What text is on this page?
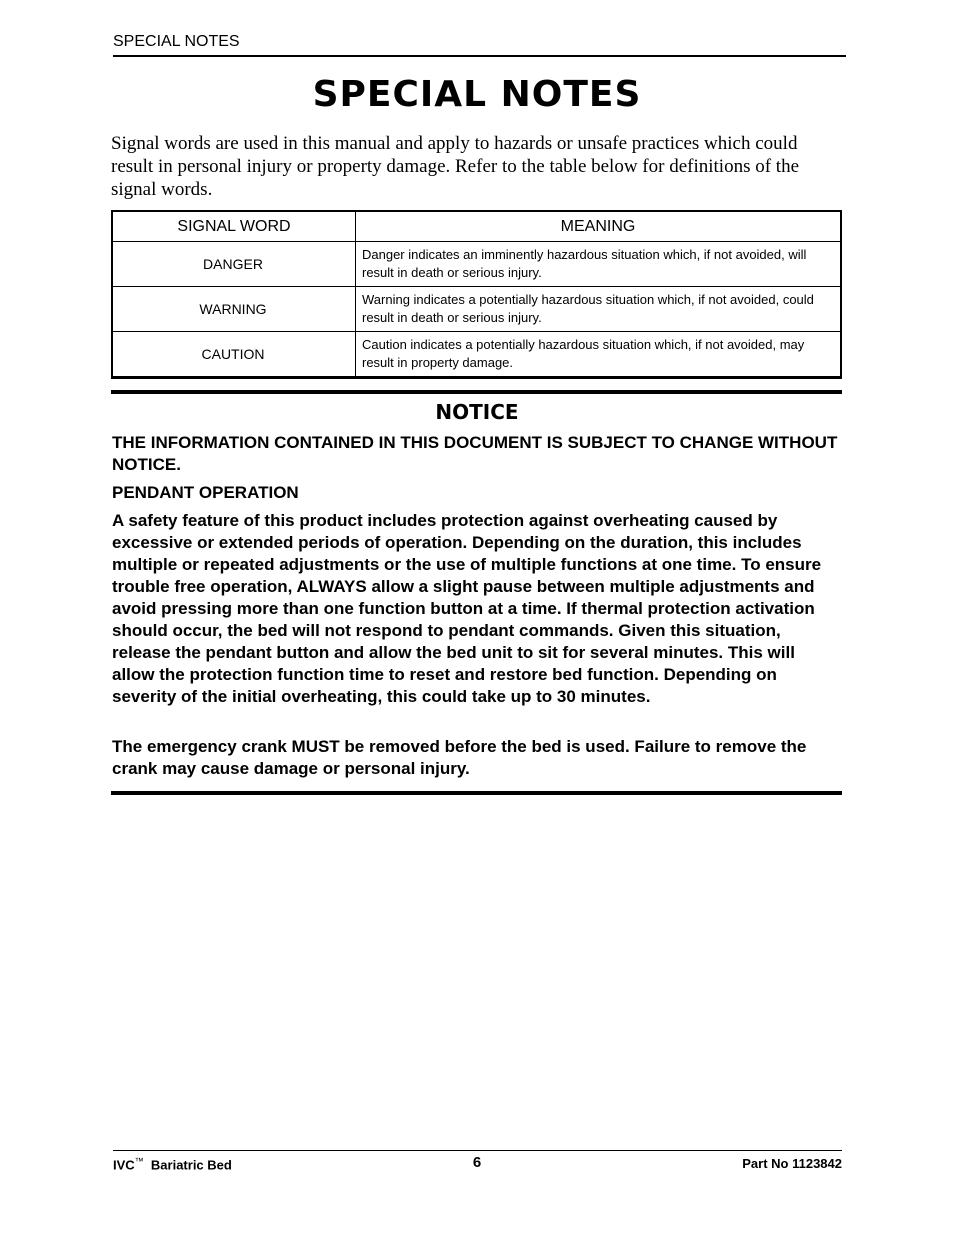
SPECIAL NOTES
SPECIAL NOTES
Signal words are used in this manual and apply to hazards or unsafe practices which could result in personal injury or property damage. Refer to the table below for definitions of the signal words.
SIGNAL WORD	MEANING
DANGER	Danger indicates an imminently hazardous situation which, if not avoided, will result in death or serious injury.
WARNING	Warning indicates a potentially hazardous situation which, if not avoided, could result in death or serious injury.
CAUTION	Caution indicates a potentially hazardous situation which, if not avoided, may result in property damage.
NOTICE
THE INFORMATION CONTAINED IN THIS DOCUMENT IS SUBJECT TO CHANGE WITHOUT NOTICE.
PENDANT OPERATION
A safety feature of this product includes protection against overheating caused by excessive or extended periods of operation. Depending on the duration, this includes multiple or repeated adjustments or the use of multiple functions at one time. To ensure trouble free operation, ALWAYS allow a slight pause between multiple adjustments and avoid pressing more than one function button at a time. If thermal protection activation should occur, the bed will not respond to pendant commands. Given this situation, release the pendant button and allow the bed unit to sit for several minutes. This will allow the protection function time to reset and restore bed function. Depending on severity of the initial overheating, this could take up to 30 minutes.
The emergency crank MUST be removed before the bed is used. Failure to remove the crank may cause damage or personal injury.
IVC™ Bariatric Bed	6	Part No 1123842
